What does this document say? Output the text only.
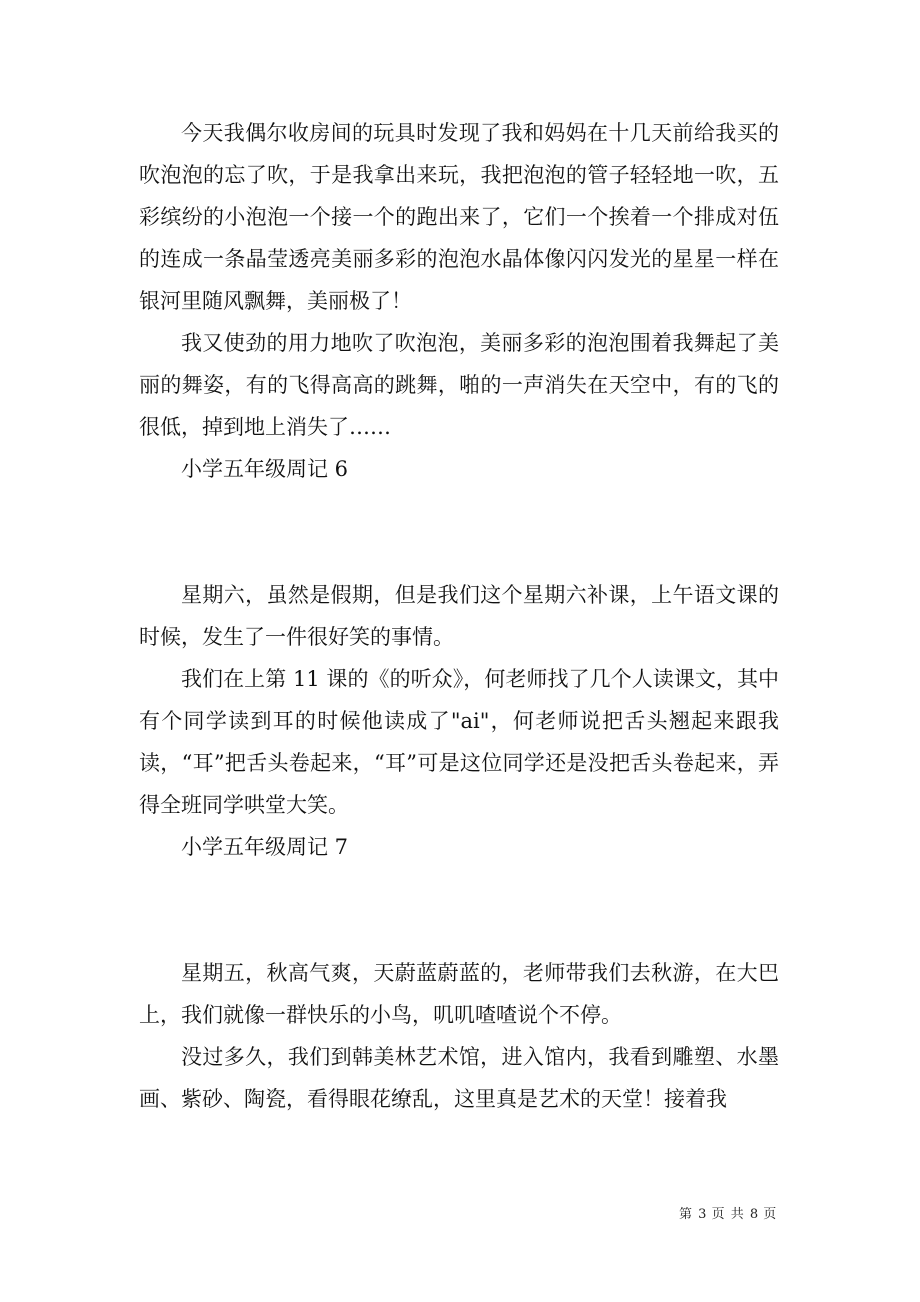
今天我偶尔收房间的玩具时发现了我和妈妈在十几天前给我买的吹泡泡的忘了吹，于是我拿出来玩，我把泡泡的管子轻轻地一吹，五彩缤纷的小泡泡一个接一个的跑出来了，它们一个挨着一个排成对伍的连成一条晶莹透亮美丽多彩的泡泡水晶体像闪闪发光的星星一样在银河里随风飘舞，美丽极了！

我又使劲的用力地吹了吹泡泡，美丽多彩的泡泡围着我舞起了美丽的舞姿，有的飞得高高的跳舞，啪的一声消失在天空中，有的飞的很低，掉到地上消失了……

小学五年级周记 6

星期六，虽然是假期，但是我们这个星期六补课，上午语文课的时候，发生了一件很好笑的事情。

我们在上第 11 课的《的听众》，何老师找了几个人读课文，其中有个同学读到耳的时候他读成了"ai"，何老师说把舌头翘起来跟我读，“耳”把舌头卷起来，“耳”可是这位同学还是没把舌头卷起来，弄得全班同学哄堂大笑。

小学五年级周记 7

星期五，秋高气爽，天蔚蓝蔚蓝的，老师带我们去秋游，在大巴上，我们就像一群快乐的小鸟，叽叽喳喳说个不停。

没过多久，我们到韩美林艺术馆，进入馆内，我看到雕塑、水墨画、紫砂、陶瓷，看得眼花缭乱，这里真是艺术的天堂！接着我

第 3 页 共 8 页
